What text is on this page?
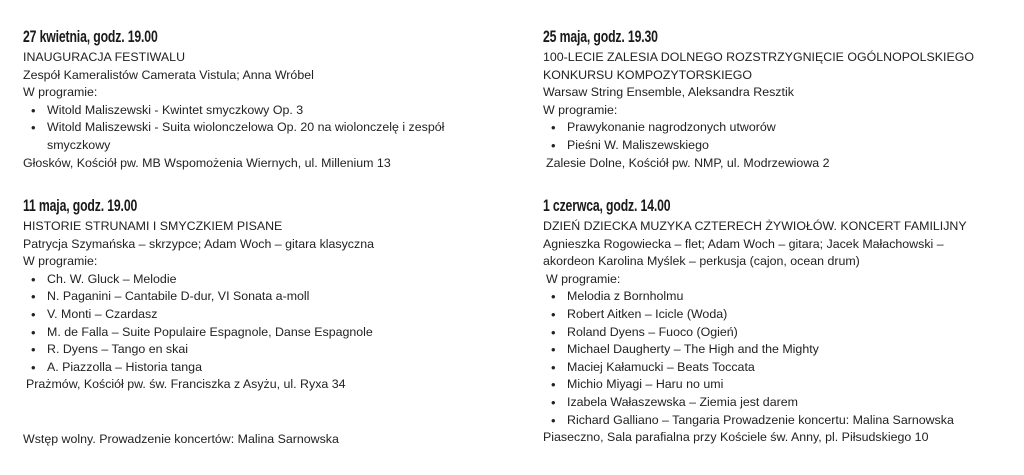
27 kwietnia, godz. 19.00
INAUGURACJA FESTIWALU
Zespół Kameralistów Camerata Vistula; Anna Wróbel
W programie:
• Witold Maliszewski - Kwintet smyczkowy Op. 3
• Witold Maliszewski - Suita wiolonczelowa Op. 20 na wiolonczelę i zespół smyczkowy
Głosków, Kościół pw. MB Wspomożenia Wiernych, ul. Millenium 13
11 maja, godz. 19.00
HISTORIE STRUNAMI I SMYCZKIEM PISANE
Patrycja Szymańska – skrzypce; Adam Woch – gitara klasyczna
W programie:
• Ch. W. Gluck – Melodie
• N. Paganini – Cantabile D-dur, VI Sonata a-moll
• V. Monti – Czardasz
• M. de Falla – Suite Populaire Espagnole, Danse Espagnole
• R. Dyens – Tango en skai
• A. Piazzolla – Historia tanga
Prażmów, Kościół pw. św. Franciszka z Asyżu, ul. Ryxa 34
25 maja, godz. 19.30
100-LECIE ZALESIA DOLNEGO ROZSTRZYGNIĘCIE OGÓLNOPOLSKIEGO KONKURSU KOMPOZYTORSKIEGO
Warsaw String Ensemble, Aleksandra Resztik
W programie:
• Prawykonanie nagrodzonych utworów
• Pieśni W. Maliszewskiego
Zalesie Dolne, Kościół pw. NMP, ul. Modrzewiowa 2
1 czerwca, godz. 14.00
DZIEŃ DZIECKA MUZYKA CZTERECH ŻYWIOŁÓW. KONCERT FAMILIJNY
Agnieszka Rogowiecka – flet; Adam Woch – gitara; Jacek Małachowski – akordeon Karolina Myślek – perkusja (cajon, ocean drum)
W programie:
• Melodia z Bornholmu
• Robert Aitken – Icicle (Woda)
• Roland Dyens – Fuoco (Ogień)
• Michael Daugherty – The High and the Mighty
• Maciej Kałamucki – Beats Toccata
• Michio Miyagi – Haru no umi
• Izabela Wałaszewska – Ziemia jest darem
• Richard Galliano – Tangaria Prowadzenie koncertu: Malina Sarnowska
Piaseczno, Sala parafialna przy Kościele św. Anny, pl. Piłsudskiego 10
Wstęp wolny. Prowadzenie koncertów: Malina Sarnowska
